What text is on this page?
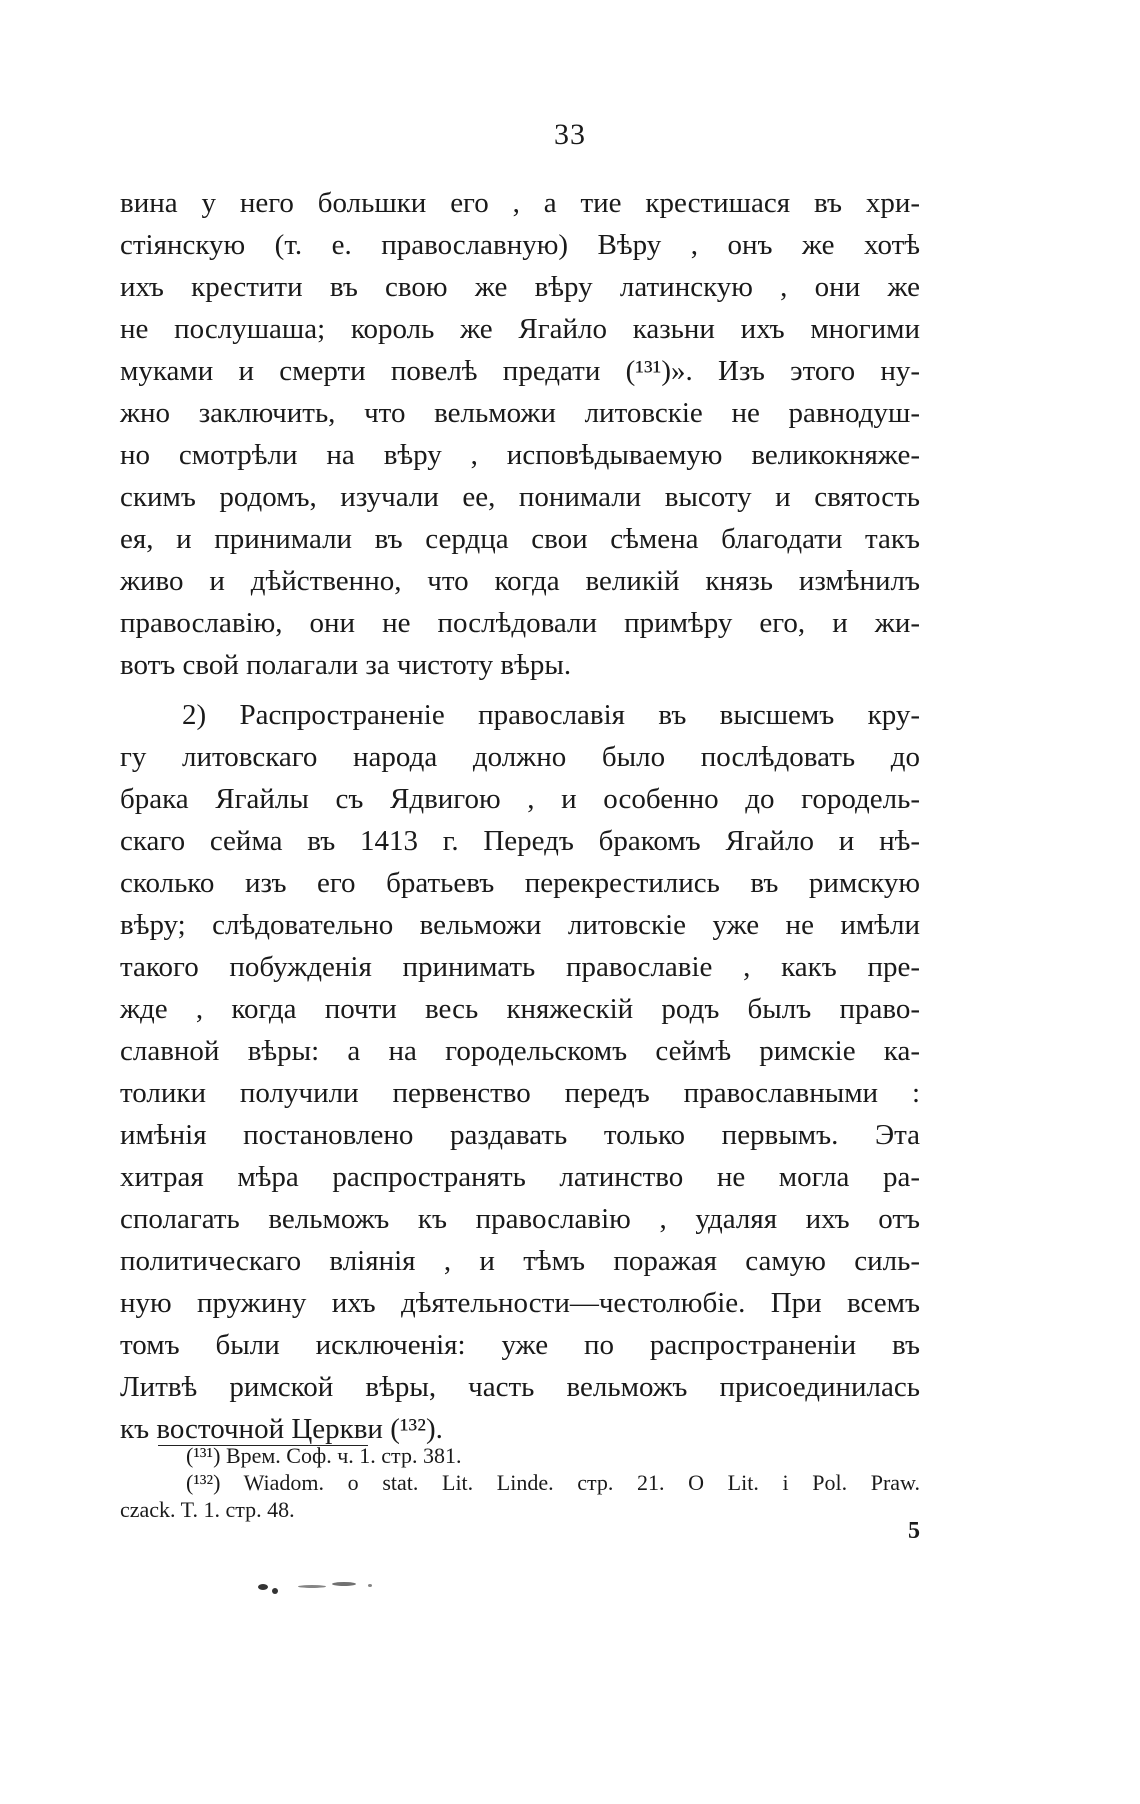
33
вина у него большки его , а тие крестишася въ хри-
стiянскую (т. е. православную) Вѣру , онъ же хотѣ
ихъ крестити въ свою же вѣру латинскую , они же
не послушаша; король же Ягайло казьни ихъ многими
муками и смерти повелѣ предати (¹³¹)». Изъ этого ну-
жно заключить, что вельможи литовскiе не равнодуш-
но смотрѣли на вѣру , исповѣдываемую великокняже-
скимъ родомъ, изучали ее, понимали высоту и святость
ея, и принимали въ сердца свои сѣмена благодати такъ
живо и дѣйственно, что когда великiй князь измѣнилъ
православiю, они не послѣдовали примѣру его, и жи-
вотъ свой полагали за чистоту вѣры.
2) Распространенiе православiя въ высшемъ кру-
гу литовскаго народа должно было послѣдовать до
брака Ягайлы съ Ядвигою , и особенно до городель-
скаго сейма въ 1413 г. Передъ бракомъ Ягайло и нѣ-
сколько изъ его братьевъ перекрестились въ римскую
вѣру; слѣдовательно вельможи литовскiе уже не имѣли
такого побужденiя принимать православiе , какъ пре-
жде , когда почти весь княжескiй родъ былъ право-
славной вѣры: а на городельскомъ сеймѣ римскiе ка-
толики получили первенство передъ православными :
имѣнiя постановлено раздавать только первымъ. Эта
хитрая мѣра распространять латинство не могла ра-
сполагать вельможъ къ православiю , удаляя ихъ отъ
политическаго влiянiя , и тѣмъ поражая самую силь-
ную пружину ихъ дѣятельности—честолюбiе. При всемъ
томъ были исключенiя: уже по распространенiи въ
Литвѣ римской вѣры, часть вельможъ присоединилась
къ восточной Церкви (¹³²).
(¹³¹) Врем. Соф. ч. 1. стр. 381.
(¹³²) Wiadom. o stat. Lit. Linde. стр. 21. O Lit. i Pol. Praw.
czack. T. 1. стр. 48.
5
